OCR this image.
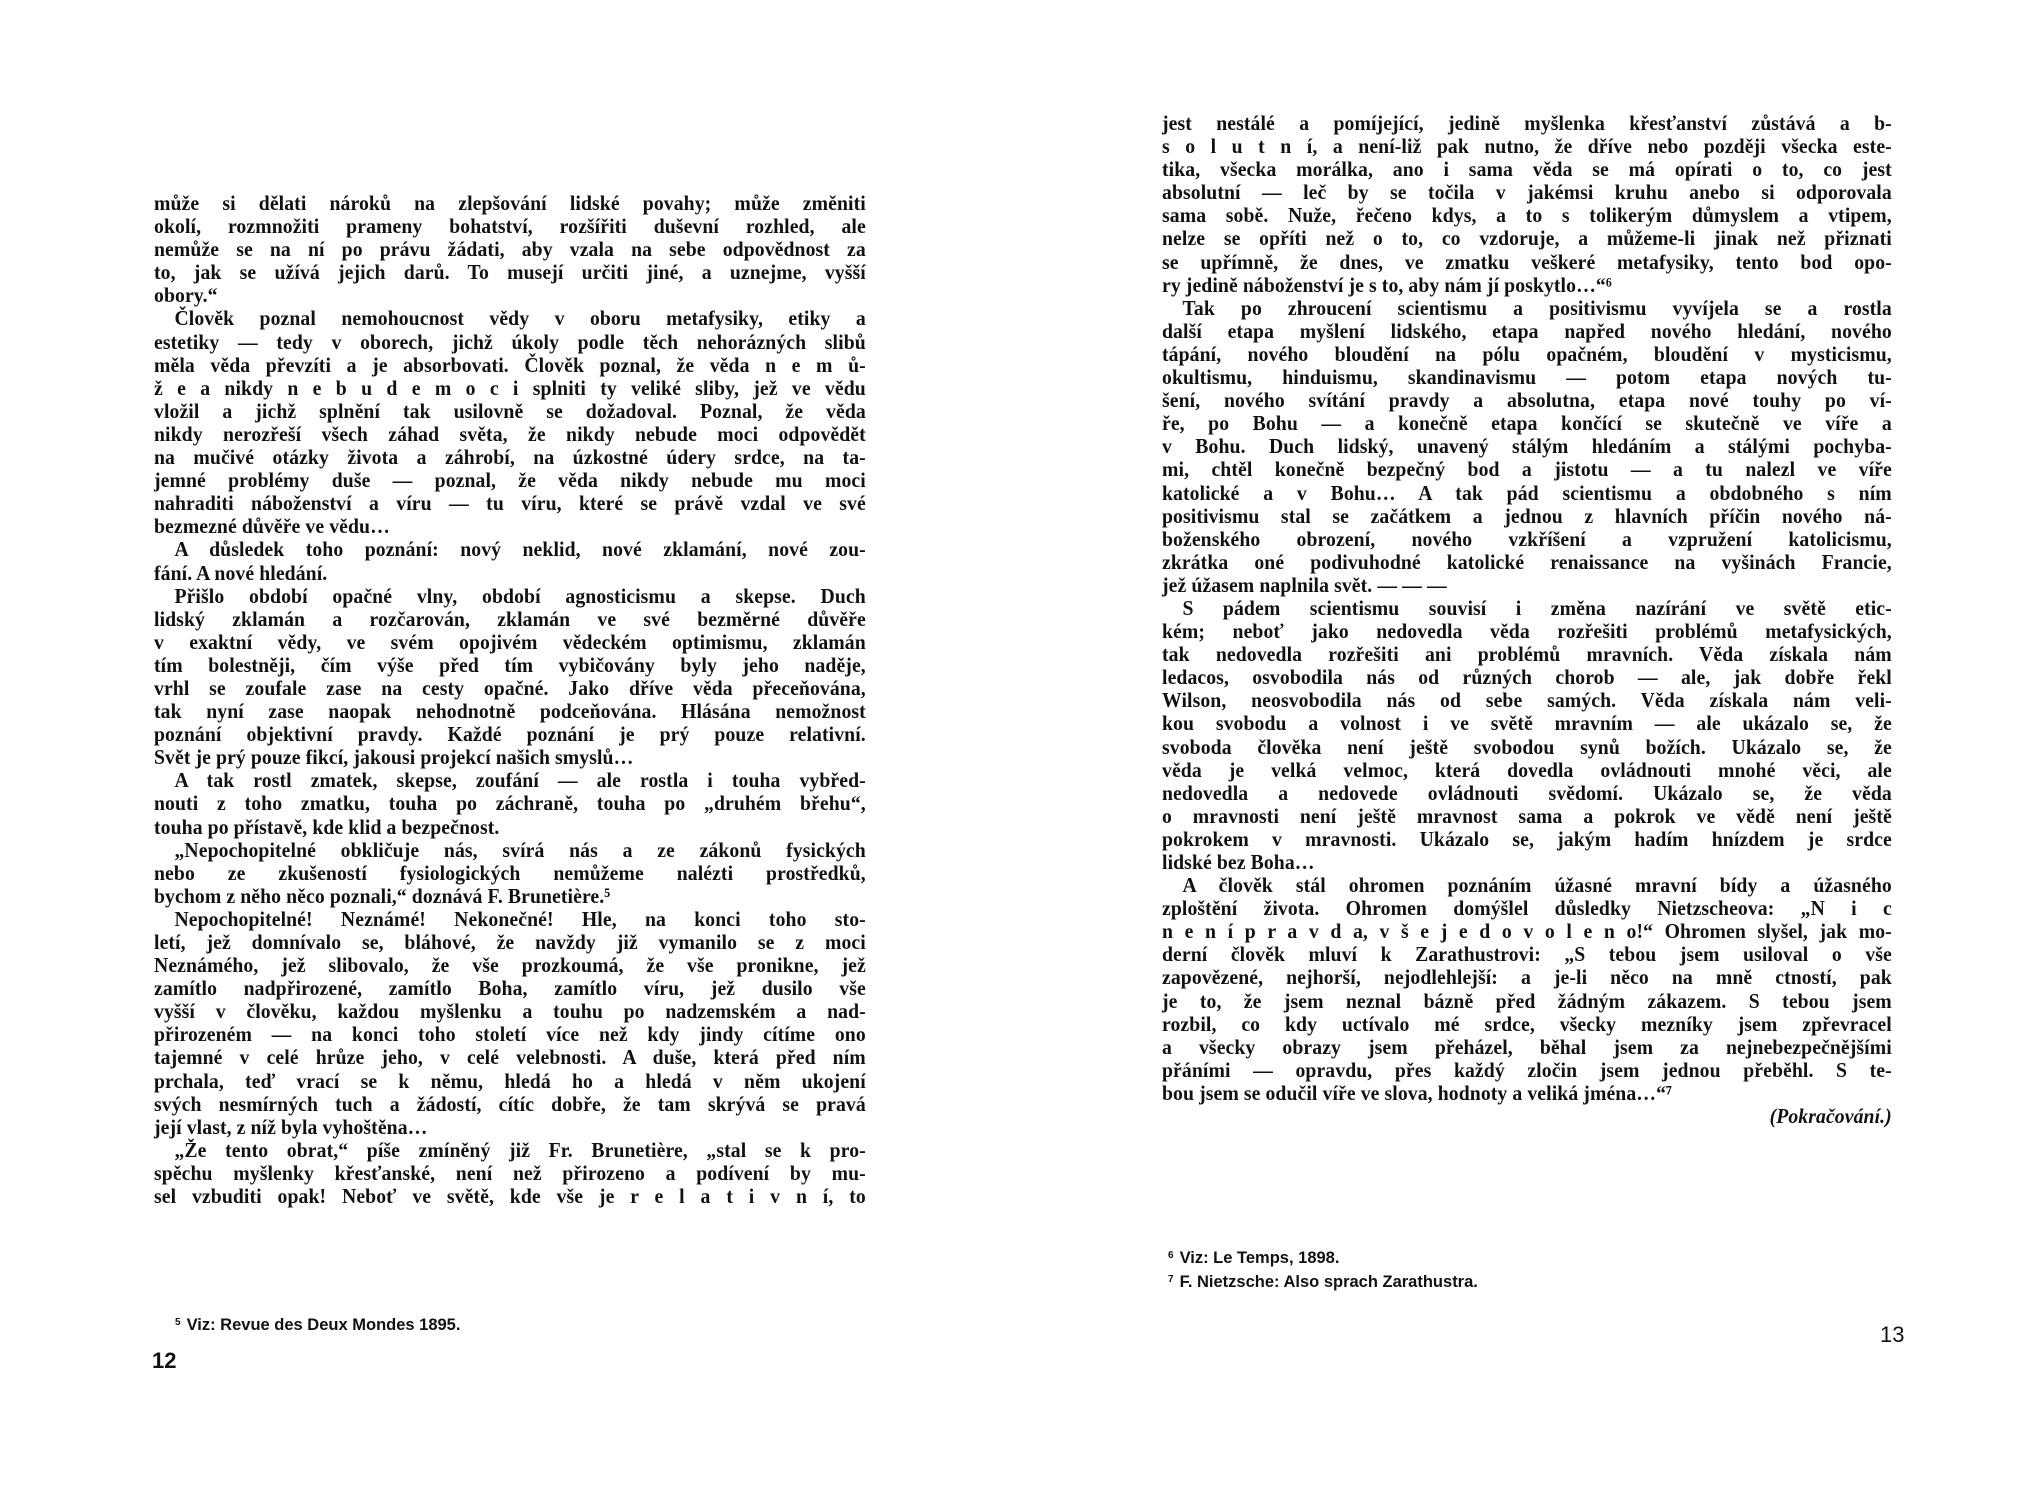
může si dělati nároků na zlepšování lidské povahy; může změniti
okolí, rozmnožiti prameny bohatství, rozšířiti duševní rozhled, ale
nemůže se na ní po právu žádati, aby vzala na sebe odpovědnost za
to, jak se užívá jejich darů. To musejí určiti jiné, a uznejme, vyšší
obory.“
Člověk poznal nemohoucnost vědy v oboru metafysiky, etiky a
estetiky — tedy v oborech, jichž úkoly podle těch nehorázných slibů
měla věda převzíti a je absorbovati. Člověk poznal, že věda n e m ů-
ž e a nikdy n e b u d e m o c i splniti ty veliké sliby, jež ve vědu
vložil a jichž splnění tak usilovně se dožadoval. Poznal, že věda
nikdy nerozřeší všech záhad světa, že nikdy nebude moci odpovědět
na mučivé otázky života a záhrobí, na úzkostné údery srdce, na ta-
jemné problémy duše — poznal, že věda nikdy nebude mu moci
nahraditi náboženství a víru — tu víru, které se právě vzdal ve své
bezmezné důvěře ve vědu…
A důsledek toho poznání: nový neklid, nové zklamání, nové zou-
fání. A nové hledání.
Přišlo období opačné vlny, období agnosticismu a skepse. Duch
lidský zklamán a rozčarován, zklamán ve své bezměrné důvěře
v exaktní vědy, ve svém opojivém vědeckém optimismu, zklamán
tím bolestněji, čím výše před tím vybičovány byly jeho naděje,
vrhl se zoufale zase na cesty opačné. Jako dříve věda přeceňována,
tak nyní zase naopak nehodnotně podceňována. Hlásána nemožnost
poznání objektivní pravdy. Každé poznání je prý pouze relativní.
Svět je prý pouze fikcí, jakousi projekcí našich smyslů…
A tak rostl zmatek, skepse, zoufání — ale rostla i touha vybřed-
nouti z toho zmatku, touha po záchraně, touha po „druhém břehu“,
touha po přístavě, kde klid a bezpečnost.
„Nepochopitelné obkličuje nás, svírá nás a ze zákonů fysických
nebo ze zkušeností fysiologických nemůžeme nalézti prostředků,
bychom z něho něco poznali,“ doznává F. Brunetière.⁵
Nepochopitelné! Neznámé! Nekonečné! Hle, na konci toho sto-
letí, jež domnívalo se, bláhové, že navždy již vymanilo se z moci
Neznámého, jež slibovalo, že vše prozkoumá, že vše pronikne, jež
zamítlo nadpřirozené, zamítlo Boha, zamítlo víru, jež dusilo vše
vyšší v člověku, každou myšlenku a touhu po nadzemském a nad-
přirozeném — na konci toho století více než kdy jindy cítíme ono
tajemné v celé hrůze jeho, v celé velebnosti. A duše, která před ním
prchala, teď vrací se k němu, hledá ho a hledá v něm ukojení
svých nesmírných tuch a žádostí, cítíc dobře, že tam skrývá se pravá
její vlast, z níž byla vyhoštěna…
„Že tento obrat,“ píše zmíněný již Fr. Brunetière, „stal se k pro-
spěchu myšlenky křesťanské, není než přirozeno a podívení by mu-
sel vzbuditi opak! Neboť ve světě, kde vše je r e l a t i v n í, to
jest nestálé a pomíjející, jedině myšlenka křesťanství zůstává a b-
s o l u t n í, a není-liž pak nutno, že dříve nebo později všecka este-
tika, všecka morálka, ano i sama věda se má opírati o to, co jest
absolutní — leč by se točila v jakémsi kruhu anebo si odporovala
sama sobě. Nuže, řečeno kdys, a to s tolikerým důmyslem a vtipem,
nelze se opříti než o to, co vzdoruje, a můžeme-li jinak než přiznati
se upřímně, že dnes, ve zmatku veškeré metafysiky, tento bod opo-
ry jedině náboženství je s to, aby nám jí poskytlo…“⁶
Tak po zhroucení scientismu a positivismu vyvíjela se a rostla
další etapa myšlení lidského, etapa napřed nového hledání, nového
tápání, nového bloudění na pólu opačném, bloudění v mysticismu,
okultismu, hinduismu, skandinavismu — potom etapa nových tu-
šení, nového svítání pravdy a absolutna, etapa nové touhy po ví-
ře, po Bohu — a konečně etapa končící se skutečně ve víře a
v Bohu. Duch lidský, unavený stálým hledáním a stálými pochyba-
mi, chtěl konečně bezpečný bod a jistotu — a tu nalezl ve víře
katolické a v Bohu… A tak pád scientismu a obdobného s ním
positivismu stal se začátkem a jednou z hlavních příčin nového ná-
boženského obrození, nového vzkříšení a vzpružení katolicismu,
zkrátka oné podivuhodné katolické renaissance na vyšinách Francie,
jež úžasem naplnila svět. — — —
S pádem scientismu souvisí i změna nazírání ve světě etic-
kém; neboť jako nedovedla věda rozřešiti problémů metafysických,
tak nedovedla rozřešiti ani problémů mravních. Věda získala nám
ledacos, osvobodila nás od různých chorob — ale, jak dobře řekl
Wilson, neosvobodila nás od sebe samých. Věda získala nám veli-
kou svobodu a volnost i ve světě mravním — ale ukázalo se, že
svoboda člověka není ještě svobodou synů božích. Ukázalo se, že
věda je velká velmoc, která dovedla ovládnouti mnohé věci, ale
nedovedla a nedovede ovládnouti svědomí. Ukázalo se, že věda
o mravnosti není ještě mravnost sama a pokrok ve vědě není ještě
pokrokem v mravnosti. Ukázalo se, jakým hadím hnízdem je srdce
lidské bez Boha…
A člověk stál ohromen poznáním úžasné mravní bídy a úžasného
zploštění života. Ohromen domýšlel důsledky Nietzscheova: „N i c
n e n í p r a v d a, v š e j e d o v o l e n o!“ Ohromen slyšel, jak mo-
derní člověk mluví k Zarathustrovi: „S tebou jsem usiloval o vše
zapovězené, nejhorší, nejodlehlejší: a je-li něco na mně ctností, pak
je to, že jsem neznal bázně před žádným zákazem. S tebou jsem
rozbil, co kdy uctívalo mé srdce, všecky mezníky jsem zpřevracel
a všecky obrazy jsem přeházel, běhal jsem za nejnebezpečnějšími
přáními — opravdu, přes každý zločin jsem jednou přeběhl. S te-
bou jsem se odučil víře ve slova, hodnoty a veliká jména…“⁷
(Pokračování.)
$^5$ Viz: Revue des Deux Mondes 1895.
$^6$ Viz: Le Temps, 1898.
$^7$ F. Nietzsche: Also sprach Zarathustra.
12
13
